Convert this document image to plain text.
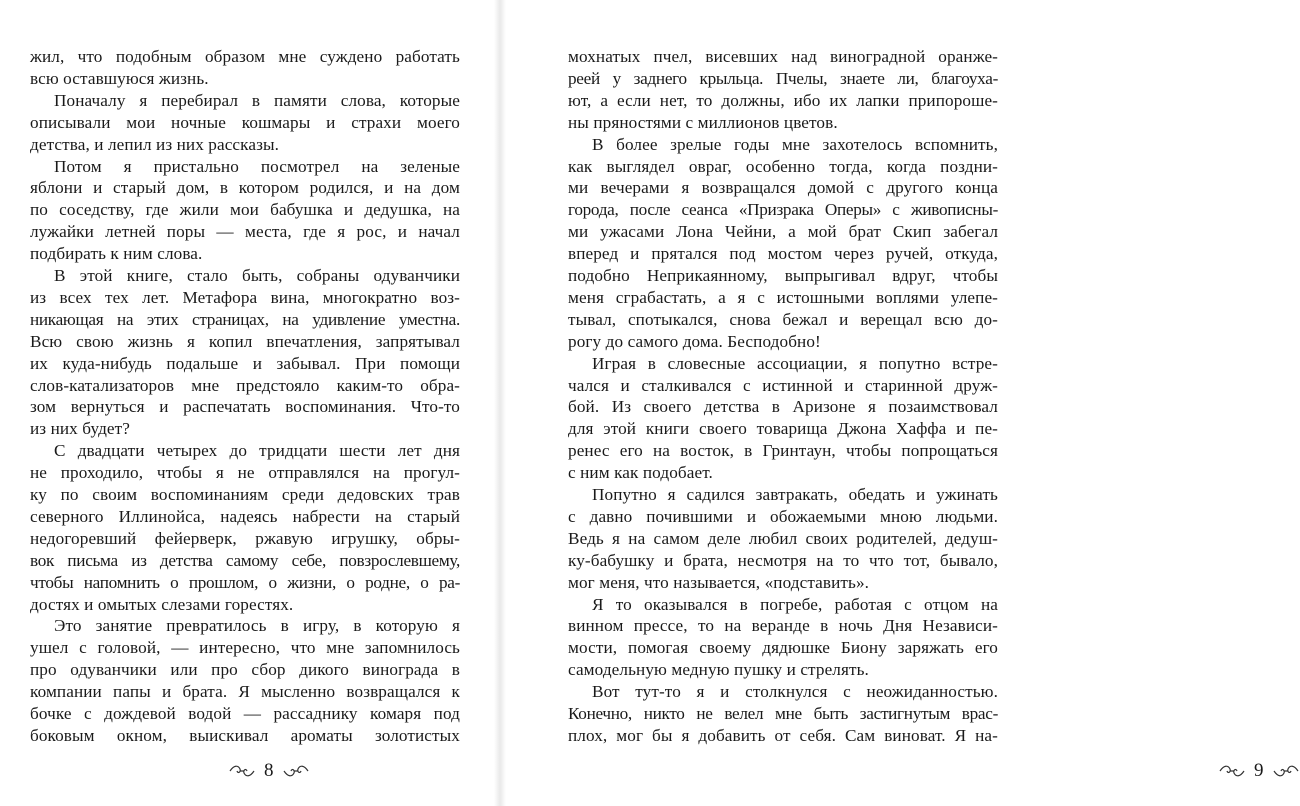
жил, что подобным образом мне суждено работать

всю оставшуюся жизнь.

Поначалу я перебирал в памяти слова, которые

описывали мои ночные кошмары и страхи моего

детства, и лепил из них рассказы.

Потом я пристально посмотрел на зеленые

яблони и старый дом, в котором родился, и на дом

по соседству, где жили мои бабушка и дедушка, на

лужайки летней поры — места, где я рос, и начал

подбирать к ним слова.

В этой книге, стало быть, собраны одуванчики

из всех тех лет. Метафора вина, многократно воз-

никающая на этих страницах, на удивление уместна.

Всю свою жизнь я копил впечатления, запрятывал

их куда-нибудь подальше и забывал. При помощи

слов-катализаторов мне предстояло каким-то обра-

зом вернуться и распечатать воспоминания. Что-то

из них будет?

С двадцати четырех до тридцати шести лет дня

не проходило, чтобы я не отправлялся на прогул-

ку по своим воспоминаниям среди дедовских трав

северного Иллинойса, надеясь набрести на старый

недогоревший фейерверк, ржавую игрушку, обры-

вок письма из детства самому себе, повзрослевшему,

чтобы напомнить о прошлом, о жизни, о родне, о ра-

достях и омытых слезами горестях.

Это занятие превратилось в игру, в которую я

ушел с головой, — интересно, что мне запомнилось

про одуванчики или про сбор дикого винограда в

компании папы и брата. Я мысленно возвращался к

бочке с дождевой водой — рассаднику комаря под

боковым окном, выискивал ароматы золотистых

8

мохнатых пчел, висевших над виноградной оранже-

реей у заднего крыльца. Пчелы, знаете ли, благоуха-

ют, а если нет, то должны, ибо их лапки припороше-

ны пряностями с миллионов цветов.

В более зрелые годы мне захотелось вспомнить,

как выглядел овраг, особенно тогда, когда поздни-

ми вечерами я возвращался домой с другого конца

города, после сеанса «Призрака Оперы» с живописны-

ми ужасами Лона Чейни, а мой брат Скип забегал

вперед и прятался под мостом через ручей, откуда,

подобно Неприкаянному, выпрыгивал вдруг, чтобы

меня сграбастать, а я с истошными воплями улепе-

тывал, спотыкался, снова бежал и верещал всю до-

рогу до самого дома. Бесподобно!

Играя в словесные ассоциации, я попутно встре-

чался и сталкивался с истинной и старинной друж-

бой. Из своего детства в Аризоне я позаимствовал

для этой книги своего товарища Джона Хаффа и пе-

ренес его на восток, в Гринтаун, чтобы попрощаться

с ним как подобает.

Попутно я садился завтракать, обедать и ужинать

с давно почившими и обожаемыми мною людьми.

Ведь я на самом деле любил своих родителей, дедуш-

ку-бабушку и брата, несмотря на то что тот, бывало,

мог меня, что называется, «подставить».

Я то оказывался в погребе, работая с отцом на

винном прессе, то на веранде в ночь Дня Независи-

мости, помогая своему дядюшке Биону заряжать его

самодельную медную пушку и стрелять.

Вот тут-то я и столкнулся с неожиданностью.

Конечно, никто не велел мне быть застигнутым врас-

плох, мог бы я добавить от себя. Сам виноват. Я на-

9
